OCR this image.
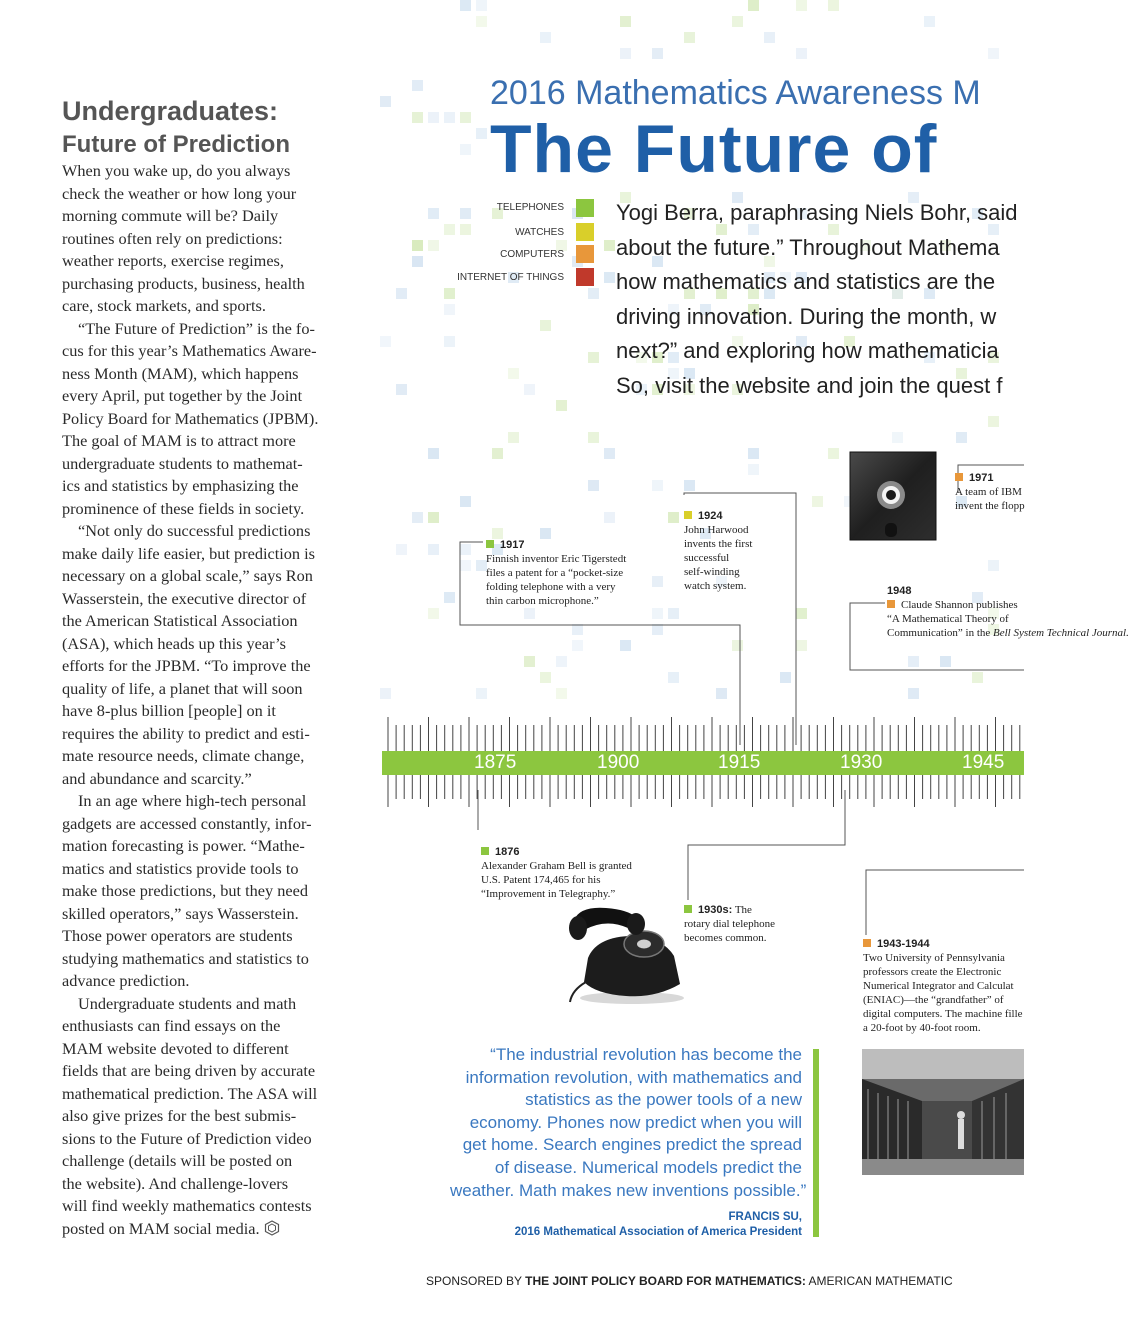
Undergraduates:
Future of Prediction
When you wake up, do you always
check the weather or how long your
morning commute will be? Daily
routines often rely on predictions:
weather reports, exercise regimes,
purchasing products, business, health
care, stock markets, and sports.
“The Future of Prediction” is the fo-
cus for this year’s Mathematics Aware-
ness Month (MAM), which happens
every April, put together by the Joint
Policy Board for Mathematics (JPBM).
The goal of MAM is to attract more
undergraduate students to mathemat-
ics and statistics by emphasizing the
prominence of these fields in society.
“Not only do successful predictions
make daily life easier, but prediction is
necessary on a global scale,” says Ron
Wasserstein, the executive director of
the American Statistical Association
(ASA), which heads up this year’s
efforts for the JPBM. “To improve the
quality of life, a planet that will soon
have 8-plus billion [people] on it
requires the ability to predict and esti-
mate resource needs, climate change,
and abundance and scarcity.”
In an age where high-tech personal
gadgets are accessed constantly, infor-
mation forecasting is power. “Mathe-
matics and statistics provide tools to
make those predictions, but they need
skilled operators,” says Wasserstein.
Those power operators are students
studying mathematics and statistics to
advance prediction.
Undergraduate students and math
enthusiasts can find essays on the
MAM website devoted to different
fields that are being driven by accurate
mathematical prediction. The ASA will
also give prizes for the best submis-
sions to the Future of Prediction video
challenge (details will be posted on
the website). And challenge-lovers
will find weekly mathematics contests
posted on MAM social media.
2016 Mathematics Awareness M
The Future of
TELEPHONES
WATCHES
COMPUTERS
INTERNET OF THINGS
Yogi Berra, paraphrasing Niels Bohr, said
about the future.” Throughout Mathema
how mathematics and statistics are the
driving innovation. During the month, w
next?” and exploring how mathematicia
So, visit the website and join the quest f
1875	1900	1915	1930	1945
1917
Finnish inventor Eric Tigerstedt
files a patent for a “pocket-size
folding telephone with a very
thin carbon microphone.”
1924
John Harwood
invents the first
successful
self-winding
watch system.
1971
A team of IBM
invent the flopp
1948
Claude Shannon publishes
“A Mathematical Theory of
Communication” in the Bell System Technical Journal.
1876
Alexander Graham Bell is granted
U.S. Patent 174,465 for his
“Improvement in Telegraphy.”
1930s: The
rotary dial telephone
becomes common.	1943-1944
Two University of Pennsylvania
professors create the Electronic
Numerical Integrator and Calculat
(ENIAC)—the “grandfather” of
digital computers. The machine fille
a 20-foot by 40-foot room.
“The industrial revolution has become the
information revolution, with mathematics and
statistics as the power tools of a new
economy. Phones now predict when you will
get home. Search engines predict the spread
of disease. Numerical models predict the
weather. Math makes new inventions possible.”
FRANCIS SU,
2016 Mathematical Association of America President
SPONSORED BY THE JOINT POLICY BOARD FOR MATHEMATICS: AMERICAN MATHEMATIC
